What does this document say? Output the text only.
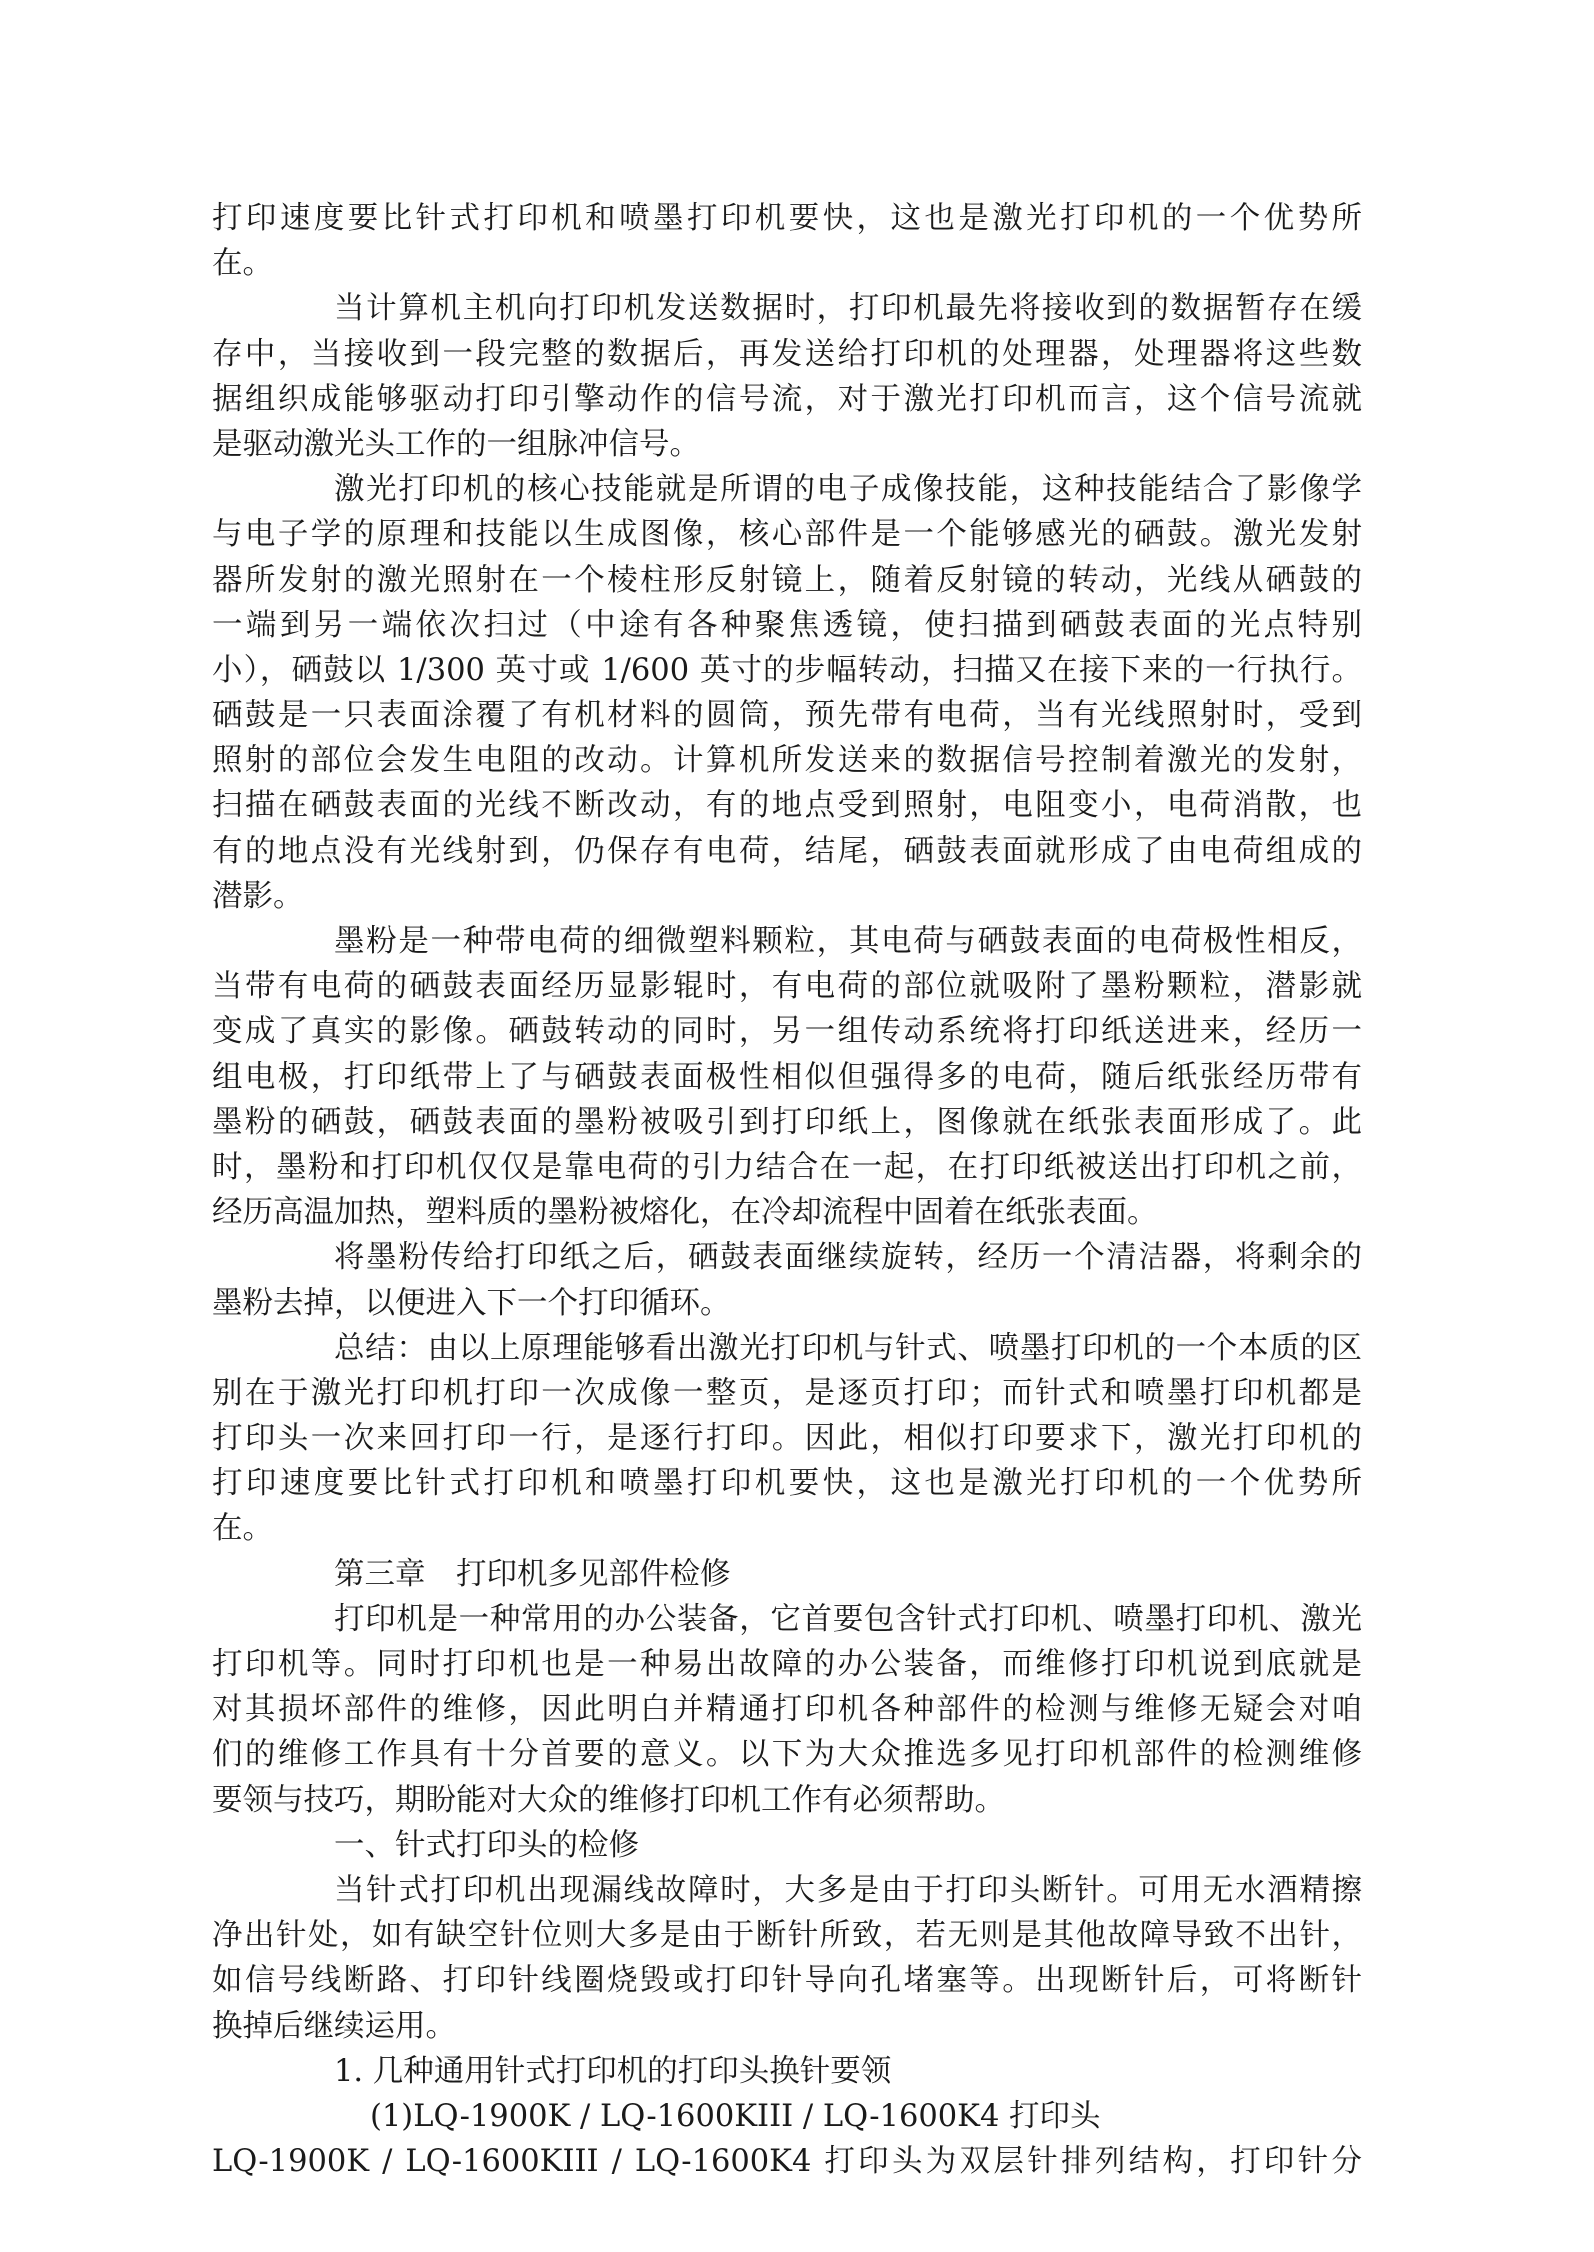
打印速度要比针式打印机和喷墨打印机要快，这也是激光打印机的一个优势所
在。
当计算机主机向打印机发送数据时，打印机最先将接收到的数据暂存在缓
存中，当接收到一段完整的数据后，再发送给打印机的处理器，处理器将这些数
据组织成能够驱动打印引擎动作的信号流，对于激光打印机而言，这个信号流就
是驱动激光头工作的一组脉冲信号。
激光打印机的核心技能就是所谓的电子成像技能，这种技能结合了影像学
与电子学的原理和技能以生成图像，核心部件是一个能够感光的硒鼓。激光发射
器所发射的激光照射在一个棱柱形反射镜上，随着反射镜的转动，光线从硒鼓的
一端到另一端依次扫过（中途有各种聚焦透镜，使扫描到硒鼓表面的光点特别
小），硒鼓以 1/300 英寸或 1/600 英寸的步幅转动，扫描又在接下来的一行执行。
硒鼓是一只表面涂覆了有机材料的圆筒，预先带有电荷，当有光线照射时，受到
照射的部位会发生电阻的改动。计算机所发送来的数据信号控制着激光的发射，
扫描在硒鼓表面的光线不断改动，有的地点受到照射，电阻变小，电荷消散，也
有的地点没有光线射到，仍保存有电荷，结尾，硒鼓表面就形成了由电荷组成的
潜影。
墨粉是一种带电荷的细微塑料颗粒，其电荷与硒鼓表面的电荷极性相反，
当带有电荷的硒鼓表面经历显影辊时，有电荷的部位就吸附了墨粉颗粒，潜影就
变成了真实的影像。硒鼓转动的同时，另一组传动系统将打印纸送进来，经历一
组电极，打印纸带上了与硒鼓表面极性相似但强得多的电荷，随后纸张经历带有
墨粉的硒鼓，硒鼓表面的墨粉被吸引到打印纸上，图像就在纸张表面形成了。此
时，墨粉和打印机仅仅是靠电荷的引力结合在一起，在打印纸被送出打印机之前，
经历高温加热，塑料质的墨粉被熔化，在冷却流程中固着在纸张表面。
将墨粉传给打印纸之后，硒鼓表面继续旋转，经历一个清洁器，将剩余的
墨粉去掉，以便进入下一个打印循环。
总结：由以上原理能够看出激光打印机与针式、喷墨打印机的一个本质的区
别在于激光打印机打印一次成像一整页，是逐页打印；而针式和喷墨打印机都是
打印头一次来回打印一行，是逐行打印。因此，相似打印要求下，激光打印机的
打印速度要比针式打印机和喷墨打印机要快，这也是激光打印机的一个优势所
在。
第三章　打印机多见部件检修
打印机是一种常用的办公装备，它首要包含针式打印机、喷墨打印机、激光
打印机等。同时打印机也是一种易出故障的办公装备，而维修打印机说到底就是
对其损坏部件的维修，因此明白并精通打印机各种部件的检测与维修无疑会对咱
们的维修工作具有十分首要的意义。以下为大众推选多见打印机部件的检测维修
要领与技巧，期盼能对大众的维修打印机工作有必须帮助。
一、针式打印头的检修
当针式打印机出现漏线故障时，大多是由于打印头断针。可用无水酒精擦
净出针处，如有缺空针位则大多是由于断针所致，若无则是其他故障导致不出针，
如信号线断路、打印针线圈烧毁或打印针导向孔堵塞等。出现断针后，可将断针
换掉后继续运用。
1. 几种通用针式打印机的打印头换针要领
(1)LQ-1900K / LQ-1600KIII / LQ-1600K4 打印头
LQ-1900K / LQ-1600KIII / LQ-1600K4 打印头为双层针排列结构，打印针分
